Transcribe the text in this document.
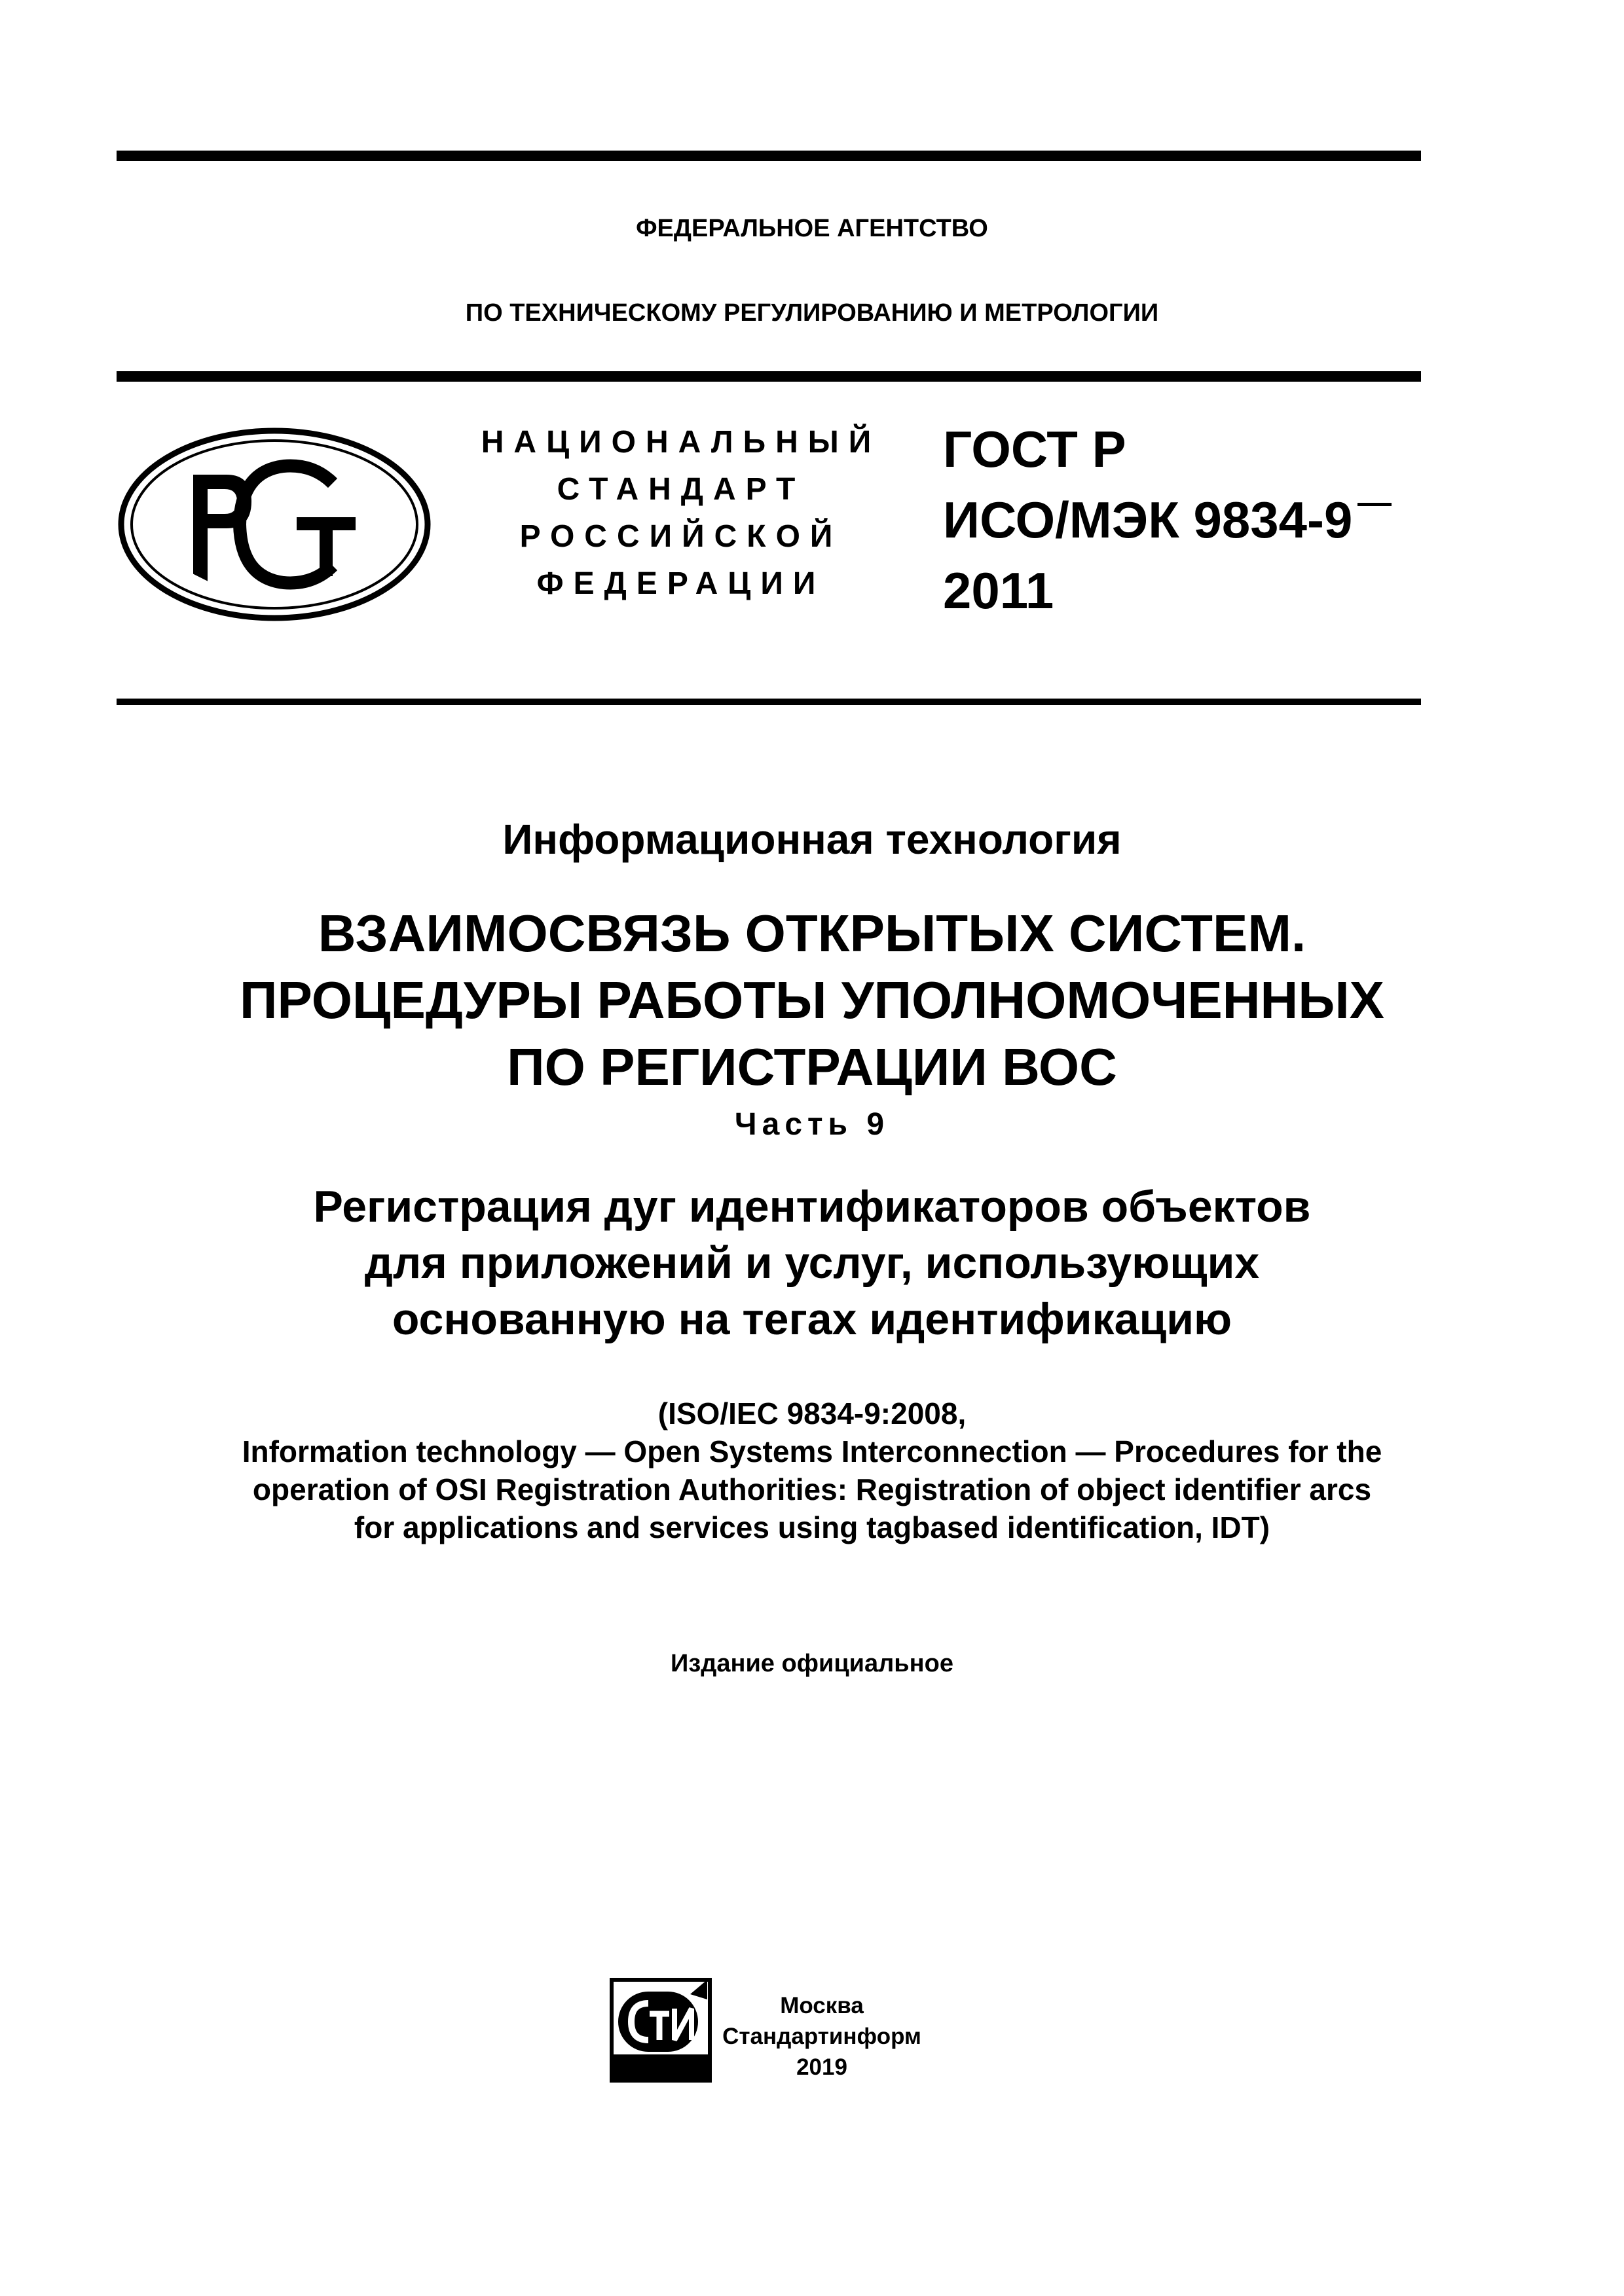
ФЕДЕРАЛЬНОЕ АГЕНТСТВО
ПО ТЕХНИЧЕСКОМУ РЕГУЛИРОВАНИЮ И МЕТРОЛОГИИ
НАЦИОНАЛЬНЫЙ
СТАНДАРТ
РОССИЙСКОЙ
ФЕДЕРАЦИИ
ГОСТ Р
ИСО/МЭК 9834-9
2011
Информационная технология
ВЗАИМОСВЯЗЬ ОТКРЫТЫХ СИСТЕМ.
ПРОЦЕДУРЫ РАБОТЫ УПОЛНОМОЧЕННЫХ
ПО РЕГИСТРАЦИИ ВОС
Часть 9
Регистрация дуг идентификаторов объектов
для приложений и услуг, использующих
основанную на тегах идентификацию
(ISO/IEC 9834-9:2008,
Information technology — Open Systems Interconnection — Procedures for the
operation of OSI Registration Authorities: Registration of object identifier arcs
for applications and services using tagbased identification, IDT)
Издание официальное
Москва
Стандартинформ
2019
